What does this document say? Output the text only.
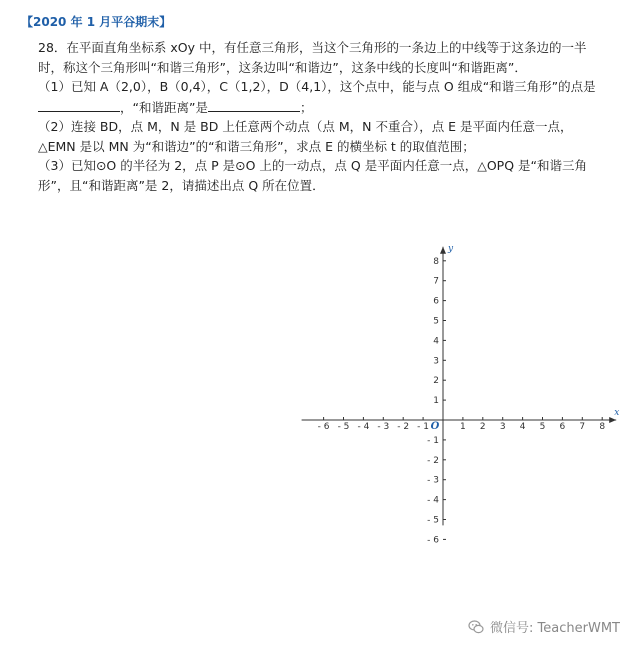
【2020 年 1 月平谷期末】

28．在平面直角坐标系 xOy 中，有任意三角形，当这个三角形的一条边上的中线等于这条边的一半时，称这个三角形叫“和谐三角形”，这条边叫“和谐边”，这条中线的长度叫“和谐距离”．

（1）已知 A（2,0），B（0,4），C（1,2），D（4,1），这个点中，能与点 O 组成“和谐三角形”的点是，“和谐距离”是	；

（2）连接 BD，点 M，N 是 BD 上任意两个动点（点 M，N 不重合），点 E 是平面内任意一点，△EMN 是以 MN 为“和谐边”的“和谐三角形”，求点 E 的横坐标 t 的取值范围；

（3）已知⊙O 的半径为 2，点 P 是⊙O 上的一动点，点 Q 是平面内任意一点，△OPQ 是“和谐三角形”，且“和谐距离”是 2，请描述出点 Q 所在位置．

- 6 - 5 - 4 - 3 - 2 - 1	1 2 3 4 5 6 7 8
- 6
- 5
- 4
- 3
- 2
- 1
1
2
3
4
5
6
7
8
x
y
O
微信号: TeacherWMT
